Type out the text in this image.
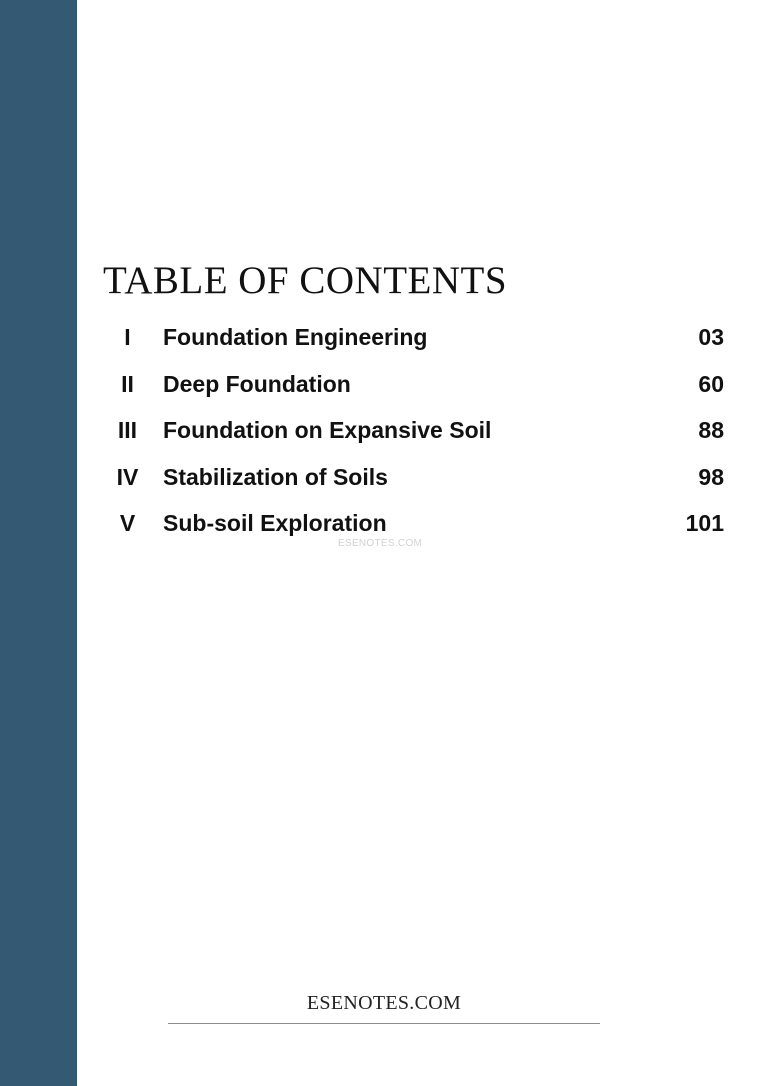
TABLE OF CONTENTS
I	Foundation Engineering	03
II	Deep Foundation	60
III	Foundation on Expansive Soil	88
IV	Stabilization of Soils	98
V	Sub-soil Exploration	101
ESENOTES.COM
ESENOTES.COM
